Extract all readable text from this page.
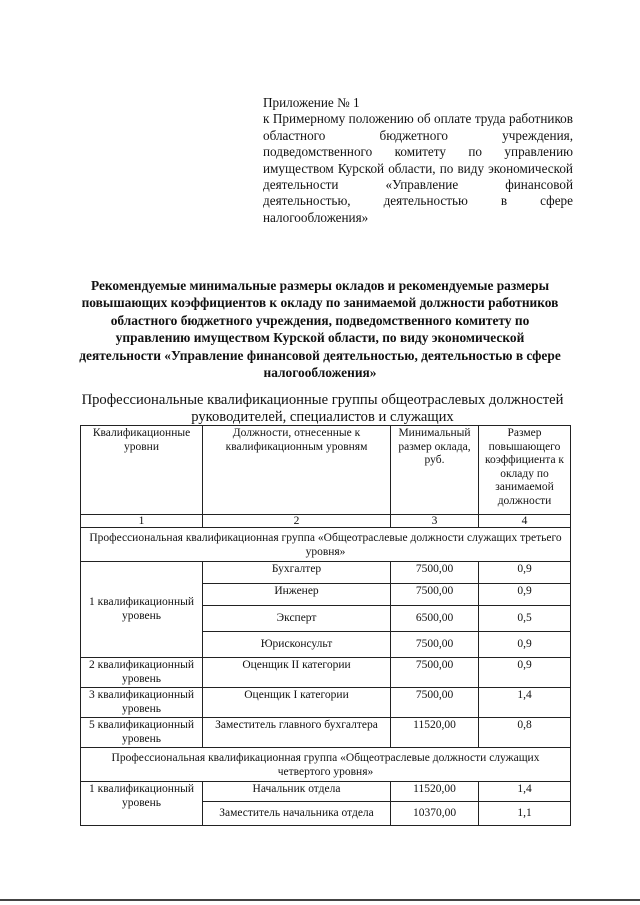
Приложение № 1
к Примерному положению об оплате труда работников областного бюджетного учреждения, подведомственного комитету по управлению имуществом Курской области, по виду экономической деятельности «Управление финансовой деятельностью, деятельностью в сфере налогообложения»
Рекомендуемые минимальные размеры окладов и рекомендуемые размеры повышающих коэффициентов к окладу по занимаемой должности работников областного бюджетного учреждения, подведомственного комитету по управлению имуществом Курской области, по виду экономической деятельности «Управление финансовой деятельностью, деятельностью в сфере налогообложения»
Профессиональные квалификационные группы общеотраслевых должностей руководителей, специалистов и служащих
Квалификационные уровни	Должности, отнесенные к квалификационным уровням	Минимальный размер оклада, руб.	Размер повышающего коэффициента к окладу по занимаемой должности
1	2	3	4
Профессиональная квалификационная группа «Общеотраслевые должности служащих третьего уровня»			
1 квалификационный уровень	Бухгалтер	7500,00	0,9
	Инженер	7500,00	0,9
	Эксперт	6500,00	0,5
	Юрисконсульт	7500,00	0,9
2 квалификационный уровень	Оценщик II категории	7500,00	0,9
3 квалификационный уровень	Оценщик I категории	7500,00	1,4
5 квалификационный уровень	Заместитель главного бухгалтера	11520,00	0,8
Профессиональная квалификационная группа «Общеотраслевые должности служащих четвертого уровня»			
1 квалификационный уровень	Начальник отдела	11520,00	1,4
	Заместитель начальника отдела	10370,00	1,1
